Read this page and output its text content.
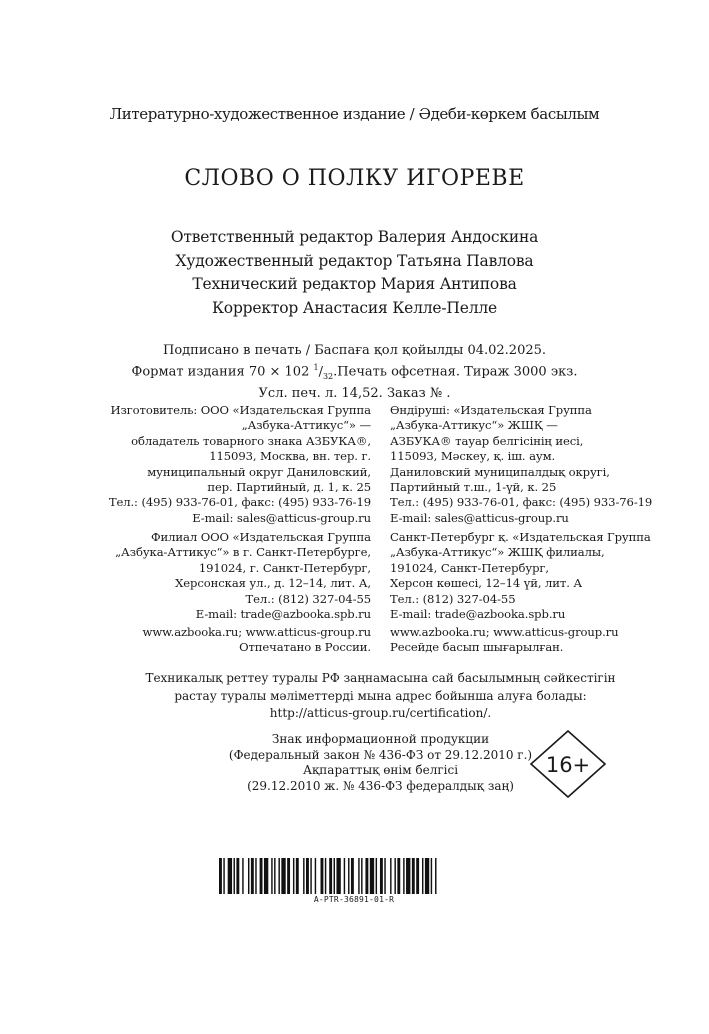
Литературно-художественное издание / Әдеби-көркем басылым
СЛОВО О ПОЛКУ ИГОРЕВЕ
Ответственный редактор Валерия Андоскина
Художественный редактор Татьяна Павлова
Технический редактор Мария Антипова
Корректор Анастасия Келле-Пелле
Подписано в печать / Баспаға қол қойылды 04.02.2025.
Формат издания 70 × 102 $^1/_{32}.Печать$ офсетная. Тираж 3000 экз.
Усл. печ. л. 14,52. Заказ № .
Изготовитель: ООО «Издательская Группа
„Азбука-Аттикус“» —
обладатель товарного знака АЗБУКА®,
115093, Москва, вн. тер. г.
муниципальный округ Даниловский,
пер. Партийный, д. 1, к. 25
Тел.: (495) 933-76-01, факс: (495) 933-76-19
E-mail: sales@atticus-group.ru
Өндіруші: «Издательская Группа
„Азбука-Аттикус“» ЖШҚ —
АЗБУКА® тауар белгісінің иесі,
115093, Мәскеу, қ. іш. аум.
Даниловский муниципалдық округі,
Партийный т.ш., 1-үй, к. 25
Тел.: (495) 933-76-01, факс: (495) 933-76-19
E-mail: sales@atticus-group.ru
Филиал ООО «Издательская Группа
„Азбука-Аттикус“» в г. Санкт-Петербурге,
191024, г. Санкт-Петербург,
Херсонская ул., д. 12–14, лит. А,
Тел.: (812) 327-04-55
E-mail: trade@azbooka.spb.ru
Санкт-Петербург қ. «Издательская Группа
„Азбука-Аттикус“» ЖШҚ филиалы,
191024, Санкт-Петербург,
Херсон көшесі, 12–14 үй, лит. А
Тел.: (812) 327-04-55
E-mail: trade@azbooka.spb.ru
www.azbooka.ru; www.atticus-group.ru
Отпечатано в России.
www.azbooka.ru; www.atticus-group.ru
Ресейде басып шығарылған.
Техникалық реттеу туралы РФ заңнамасына сай басылымның сәйкестігін
растау туралы мәліметтерді мына адрес бойынша алуға болады:
http://atticus-group.ru/certification/.
Знак информационной продукции
(Федеральный закон № 436-ФЗ от 29.12.2010 г.)
Ақпараттық өнім белгісі
(29.12.2010 ж. № 436-ФЗ федералдық заң)
16+
A-PTR-36891-01-R
